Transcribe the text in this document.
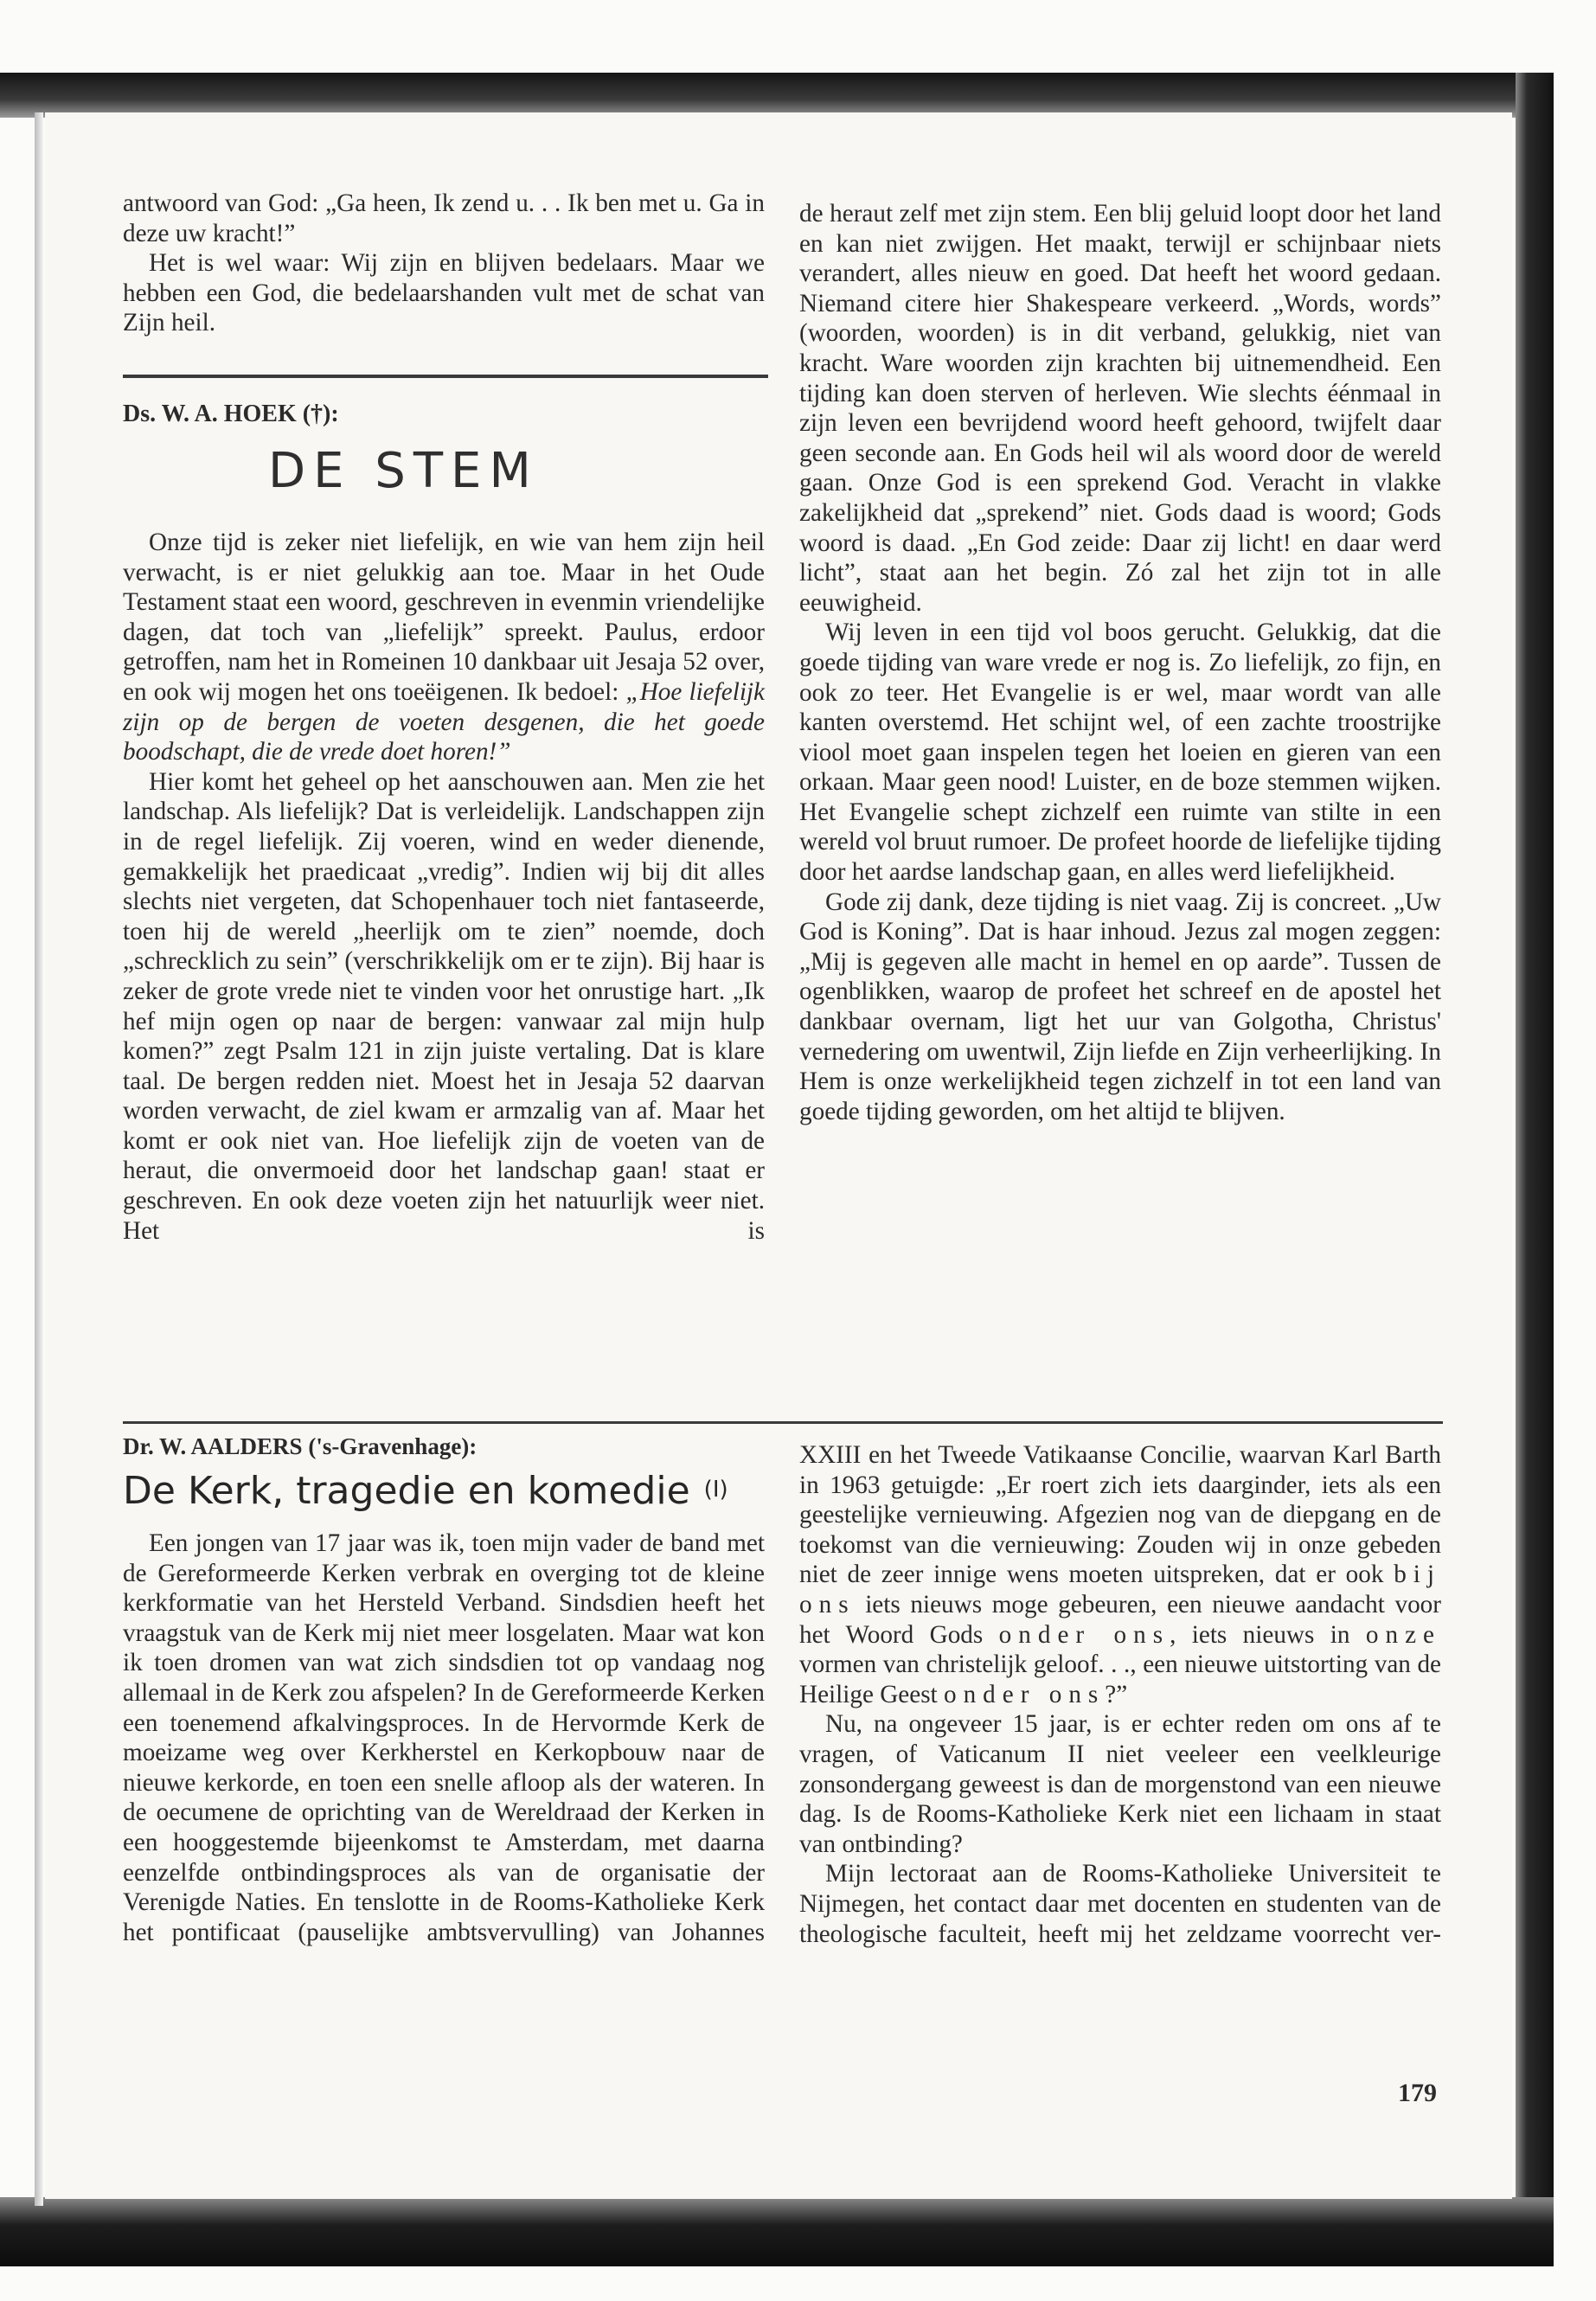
antwoord van God: „Ga heen, Ik zend u. . . Ik ben met u. Ga in deze uw kracht!”

Het is wel waar: Wij zijn en blijven bedelaars. Maar we hebben een God, die bedelaarshanden vult met de schat van Zijn heil.

Ds. W. A. HOEK (†):
DE STEM

Onze tijd is zeker niet liefelijk, en wie van hem zijn heil verwacht, is er niet gelukkig aan toe. Maar in het Oude Testament staat een woord, geschreven in evenmin vriendelijke dagen, dat toch van „liefelijk” spreekt. Paulus, erdoor getroffen, nam het in Romeinen 10 dankbaar uit Jesaja 52 over, en ook wij mogen het ons toeëigenen. Ik bedoel: „Hoe liefelijk zijn op de bergen de voeten desgenen, die het goede boodschapt, die de vrede doet horen!”

Hier komt het geheel op het aanschouwen aan. Men zie het landschap. Als liefelijk? Dat is verleidelijk. Landschappen zijn in de regel liefelijk. Zij voeren, wind en weder dienende, gemakkelijk het praedicaat „vredig”. Indien wij bij dit alles slechts niet vergeten, dat Schopenhauer toch niet fantaseerde, toen hij de wereld „heerlijk om te zien” noemde, doch „schrecklich zu sein” (verschrikkelijk om er te zijn). Bij haar is zeker de grote vrede niet te vinden voor het onrustige hart. „Ik hef mijn ogen op naar de bergen: vanwaar zal mijn hulp komen?” zegt Psalm 121 in zijn juiste vertaling. Dat is klare taal. De bergen redden niet. Moest het in Jesaja 52 daarvan worden verwacht, de ziel kwam er armzalig van af. Maar het komt er ook niet van. Hoe liefelijk zijn de voeten van de heraut, die onvermoeid door het landschap gaan! staat er geschreven. En ook deze voeten zijn het natuurlijk weer niet. Het is

de heraut zelf met zijn stem. Een blij geluid loopt door het land en kan niet zwijgen. Het maakt, terwijl er schijnbaar niets verandert, alles nieuw en goed. Dat heeft het woord gedaan. Niemand citere hier Shakespeare verkeerd. „Words, words” (woorden, woorden) is in dit verband, gelukkig, niet van kracht. Ware woorden zijn krachten bij uitnemendheid. Een tijding kan doen sterven of herleven. Wie slechts éénmaal in zijn leven een bevrijdend woord heeft gehoord, twijfelt daar geen seconde aan. En Gods heil wil als woord door de wereld gaan. Onze God is een sprekend God. Veracht in vlakke zakelijkheid dat „sprekend” niet. Gods daad is woord; Gods woord is daad. „En God zeide: Daar zij licht! en daar werd licht”, staat aan het begin. Zó zal het zijn tot in alle eeuwigheid.

Wij leven in een tijd vol boos gerucht. Gelukkig, dat die goede tijding van ware vrede er nog is. Zo liefelijk, zo fijn, en ook zo teer. Het Evangelie is er wel, maar wordt van alle kanten overstemd. Het schijnt wel, of een zachte troostrijke viool moet gaan inspelen tegen het loeien en gieren van een orkaan. Maar geen nood! Luister, en de boze stemmen wijken. Het Evangelie schept zichzelf een ruimte van stilte in een wereld vol bruut rumoer. De profeet hoorde de liefelijke tijding door het aardse landschap gaan, en alles werd liefelijkheid.

Gode zij dank, deze tijding is niet vaag. Zij is concreet. „Uw God is Koning”. Dat is haar inhoud. Jezus zal mogen zeggen: „Mij is gegeven alle macht in hemel en op aarde”. Tussen de ogenblikken, waarop de profeet het schreef en de apostel het dankbaar overnam, ligt het uur van Golgotha, Christus' vernedering om uwentwil, Zijn liefde en Zijn verheerlijking. In Hem is onze werkelijkheid tegen zichzelf in tot een land van goede tijding geworden, om het altijd te blijven.

Dr. W. AALDERS ('s-Gravenhage):
De Kerk, tragedie en komedie (I)

Een jongen van 17 jaar was ik, toen mijn vader de band met de Gereformeerde Kerken verbrak en overging tot de kleine kerkformatie van het Hersteld Verband. Sindsdien heeft het vraagstuk van de Kerk mij niet meer losgelaten. Maar wat kon ik toen dromen van wat zich sindsdien tot op vandaag nog allemaal in de Kerk zou afspelen? In de Gereformeerde Kerken een toenemend afkalvingsproces. In de Hervormde Kerk de moeizame weg over Kerkherstel en Kerkopbouw naar de nieuwe kerkorde, en toen een snelle afloop als der wateren. In de oecumene de oprichting van de Wereldraad der Kerken in een hooggestemde bijeenkomst te Amsterdam, met daarna eenzelfde ontbindingsproces als van de organisatie der Verenigde Naties. En tenslotte in de Rooms-Katholieke Kerk het pontificaat (pauselijke ambtsvervulling) van Johannes

XXIII en het Tweede Vatikaanse Concilie, waarvan Karl Barth in 1963 getuigde: „Er roert zich iets daarginder, iets als een geestelijke vernieuwing. Afgezien nog van de diepgang en de toekomst van die vernieuwing: Zouden wij in onze gebeden niet de zeer innige wens moeten uitspreken, dat er ook bij ons iets nieuws moge gebeuren, een nieuwe aandacht voor het Woord Gods onder ons, iets nieuws in onze vormen van christelijk geloof. . ., een nieuwe uitstorting van de Heilige Geest onder ons?”

Nu, na ongeveer 15 jaar, is er echter reden om ons af te vragen, of Vaticanum II niet veeleer een veelkleurige zonsondergang geweest is dan de morgenstond van een nieuwe dag. Is de Rooms-Katholieke Kerk niet een lichaam in staat van ontbinding?

Mijn lectoraat aan de Rooms-Katholieke Universiteit te Nijmegen, het contact daar met docenten en studenten van de theologische faculteit, heeft mij het zeldzame voorrecht ver-

179
